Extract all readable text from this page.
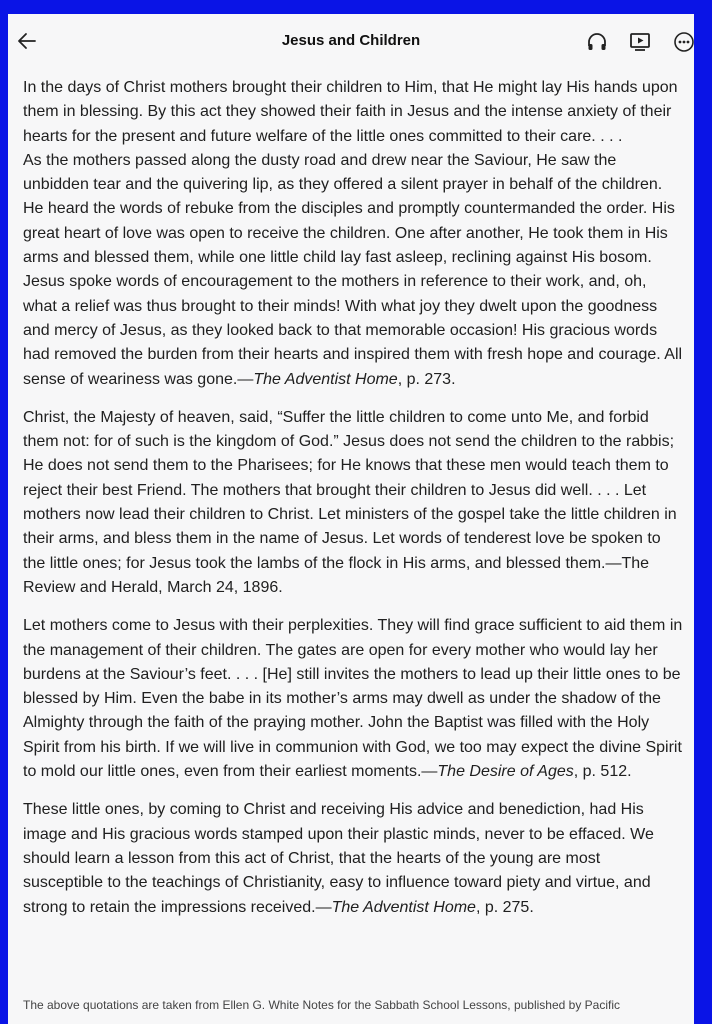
Jesus and Children

In the days of Christ mothers brought their children to Him, that He might lay His hands upon them in blessing. By this act they showed their faith in Jesus and the intense anxiety of their hearts for the present and future welfare of the little ones committed to their care. . . .

As the mothers passed along the dusty road and drew near the Saviour, He saw the unbidden tear and the quivering lip, as they offered a silent prayer in behalf of the children. He heard the words of rebuke from the disciples and promptly countermanded the order. His great heart of love was open to receive the children. One after another, He took them in His arms and blessed them, while one little child lay fast asleep, reclining against His bosom. Jesus spoke words of encouragement to the mothers in reference to their work, and, oh, what a relief was thus brought to their minds! With what joy they dwelt upon the goodness and mercy of Jesus, as they looked back to that memorable occasion! His gracious words had removed the burden from their hearts and inspired them with fresh hope and courage. All sense of weariness was gone.—The Adventist Home, p. 273.

Christ, the Majesty of heaven, said, “Suffer the little children to come unto Me, and forbid them not: for of such is the kingdom of God.” Jesus does not send the children to the rabbis; He does not send them to the Pharisees; for He knows that these men would teach them to reject their best Friend. The mothers that brought their children to Jesus did well. . . . Let mothers now lead their children to Christ. Let ministers of the gospel take the little children in their arms, and bless them in the name of Jesus. Let words of tenderest love be spoken to the little ones; for Jesus took the lambs of the flock in His arms, and blessed them.—The Review and Herald, March 24, 1896.

Let mothers come to Jesus with their perplexities. They will find grace sufficient to aid them in the management of their children. The gates are open for every mother who would lay her burdens at the Saviour’s feet. . . . [He] still invites the mothers to lead up their little ones to be blessed by Him. Even the babe in its mother’s arms may dwell as under the shadow of the Almighty through the faith of the praying mother. John the Baptist was filled with the Holy Spirit from his birth. If we will live in communion with God, we too may expect the divine Spirit to mold our little ones, even from their earliest moments.—The Desire of Ages, p. 512.

These little ones, by coming to Christ and receiving His advice and benediction, had His image and His gracious words stamped upon their plastic minds, never to be effaced. We should learn a lesson from this act of Christ, that the hearts of the young are most susceptible to the teachings of Christianity, easy to influence toward piety and virtue, and strong to retain the impressions received.—The Adventist Home, p. 275.

The above quotations are taken from Ellen G. White Notes for the Sabbath School Lessons, published by Pacific
